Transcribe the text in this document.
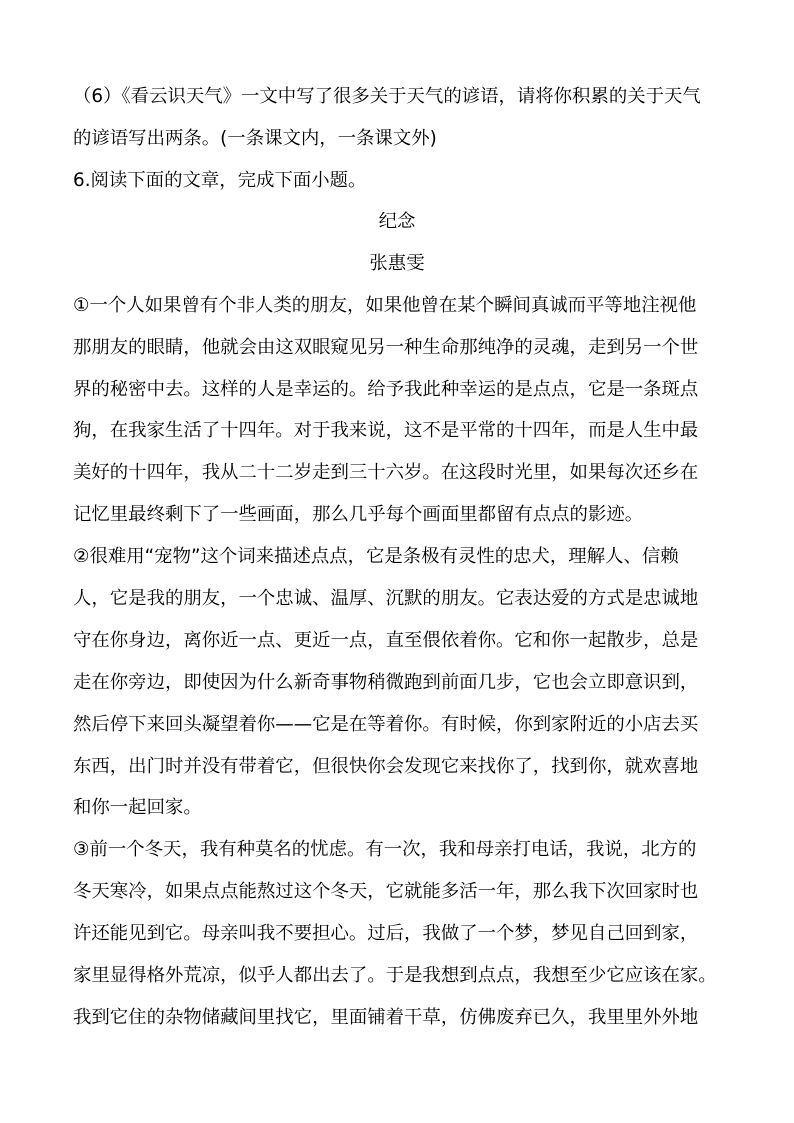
（6）《看云识天气》一文中写了很多关于天气的谚语，请将你积累的关于天气
的谚语写出两条。(一条课文内，一条课文外)
6.阅读下面的文章，完成下面小题。
纪念
张惠雯
①一个人如果曾有个非人类的朋友，如果他曾在某个瞬间真诚而平等地注视他
那朋友的眼睛，他就会由这双眼窥见另一种生命那纯净的灵魂，走到另一个世
界的秘密中去。这样的人是幸运的。给予我此种幸运的是点点，它是一条斑点
狗，在我家生活了十四年。对于我来说，这不是平常的十四年，而是人生中最
美好的十四年，我从二十二岁走到三十六岁。在这段时光里，如果每次还乡在
记忆里最终剩下了一些画面，那么几乎每个画面里都留有点点的影迹。
②很难用“宠物”这个词来描述点点，它是条极有灵性的忠犬，理解人、信赖
人，它是我的朋友，一个忠诚、温厚、沉默的朋友。它表达爱的方式是忠诚地
守在你身边，离你近一点、更近一点，直至偎依着你。它和你一起散步，总是
走在你旁边，即使因为什么新奇事物稍微跑到前面几步，它也会立即意识到，
然后停下来回头凝望着你——它是在等着你。有时候，你到家附近的小店去买
东西，出门时并没有带着它，但很快你会发现它来找你了，找到你，就欢喜地
和你一起回家。
③前一个冬天，我有种莫名的忧虑。有一次，我和母亲打电话，我说，北方的
冬天寒冷，如果点点能熬过这个冬天，它就能多活一年，那么我下次回家时也
许还能见到它。母亲叫我不要担心。过后，我做了一个梦，梦见自己回到家，
家里显得格外荒凉，似乎人都出去了。于是我想到点点，我想至少它应该在家。
我到它住的杂物储藏间里找它，里面铺着干草，仿佛废弃已久，我里里外外地
